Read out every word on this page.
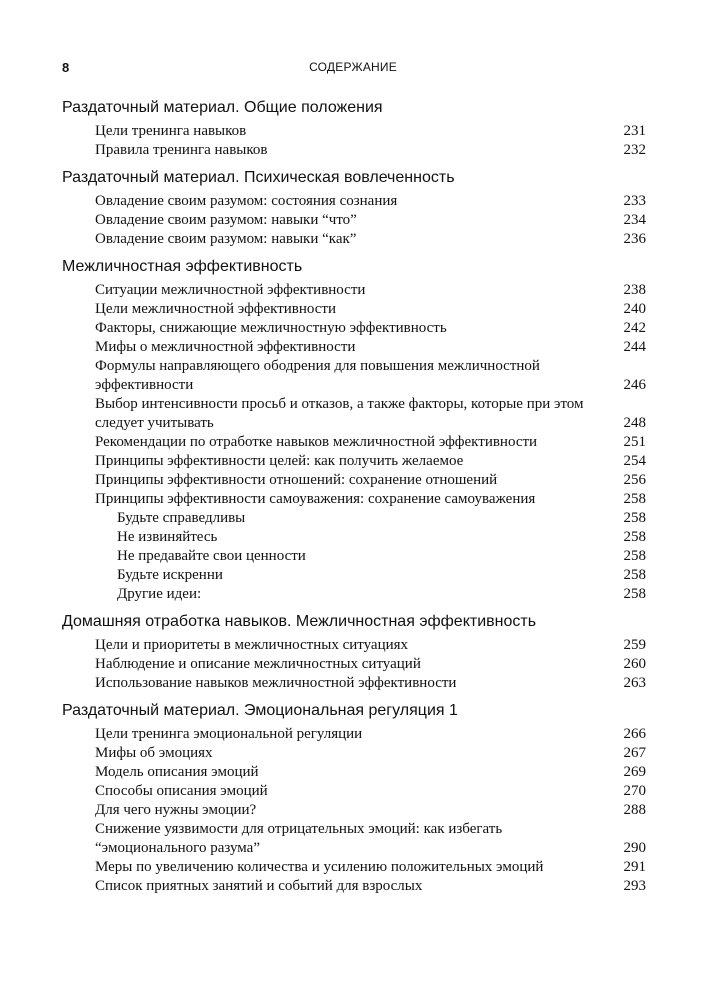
8	СОДЕРЖАНИЕ
Раздаточный материал. Общие положения
Цели тренинга навыков	231
Правила тренинга навыков	232
Раздаточный материал. Психическая вовлеченность
Овладение своим разумом: состояния сознания	233
Овладение своим разумом: навыки “что”	234
Овладение своим разумом: навыки “как”	236
Межличностная эффективность
Ситуации межличностной эффективности	238
Цели межличностной эффективности	240
Факторы, снижающие межличностную эффективность	242
Мифы о межличностной эффективности	244
Формулы направляющего ободрения для повышения межличностной эффективности	246
Выбор интенсивности просьб и отказов, а также факторы, которые при этом следует учитывать	248
Рекомендации по отработке навыков межличностной эффективности	251
Принципы эффективности целей: как получить желаемое	254
Принципы эффективности отношений: сохранение отношений	256
Принципы эффективности самоуважения: сохранение самоуважения	258
Будьте справедливы	258
Не извиняйтесь	258
Не предавайте свои ценности	258
Будьте искренни	258
Другие идеи:	258
Домашняя отработка навыков. Межличностная эффективность
Цели и приоритеты в межличностных ситуациях	259
Наблюдение и описание межличностных ситуаций	260
Использование навыков межличностной эффективности	263
Раздаточный материал. Эмоциональная регуляция 1
Цели тренинга эмоциональной регуляции	266
Мифы об эмоциях	267
Модель описания эмоций	269
Способы описания эмоций	270
Для чего нужны эмоции?	288
Снижение уязвимости для отрицательных эмоций: как избегать “эмоционального разума”	290
Меры по увеличению количества и усилению положительных эмоций	291
Список приятных занятий и событий для взрослых	293
